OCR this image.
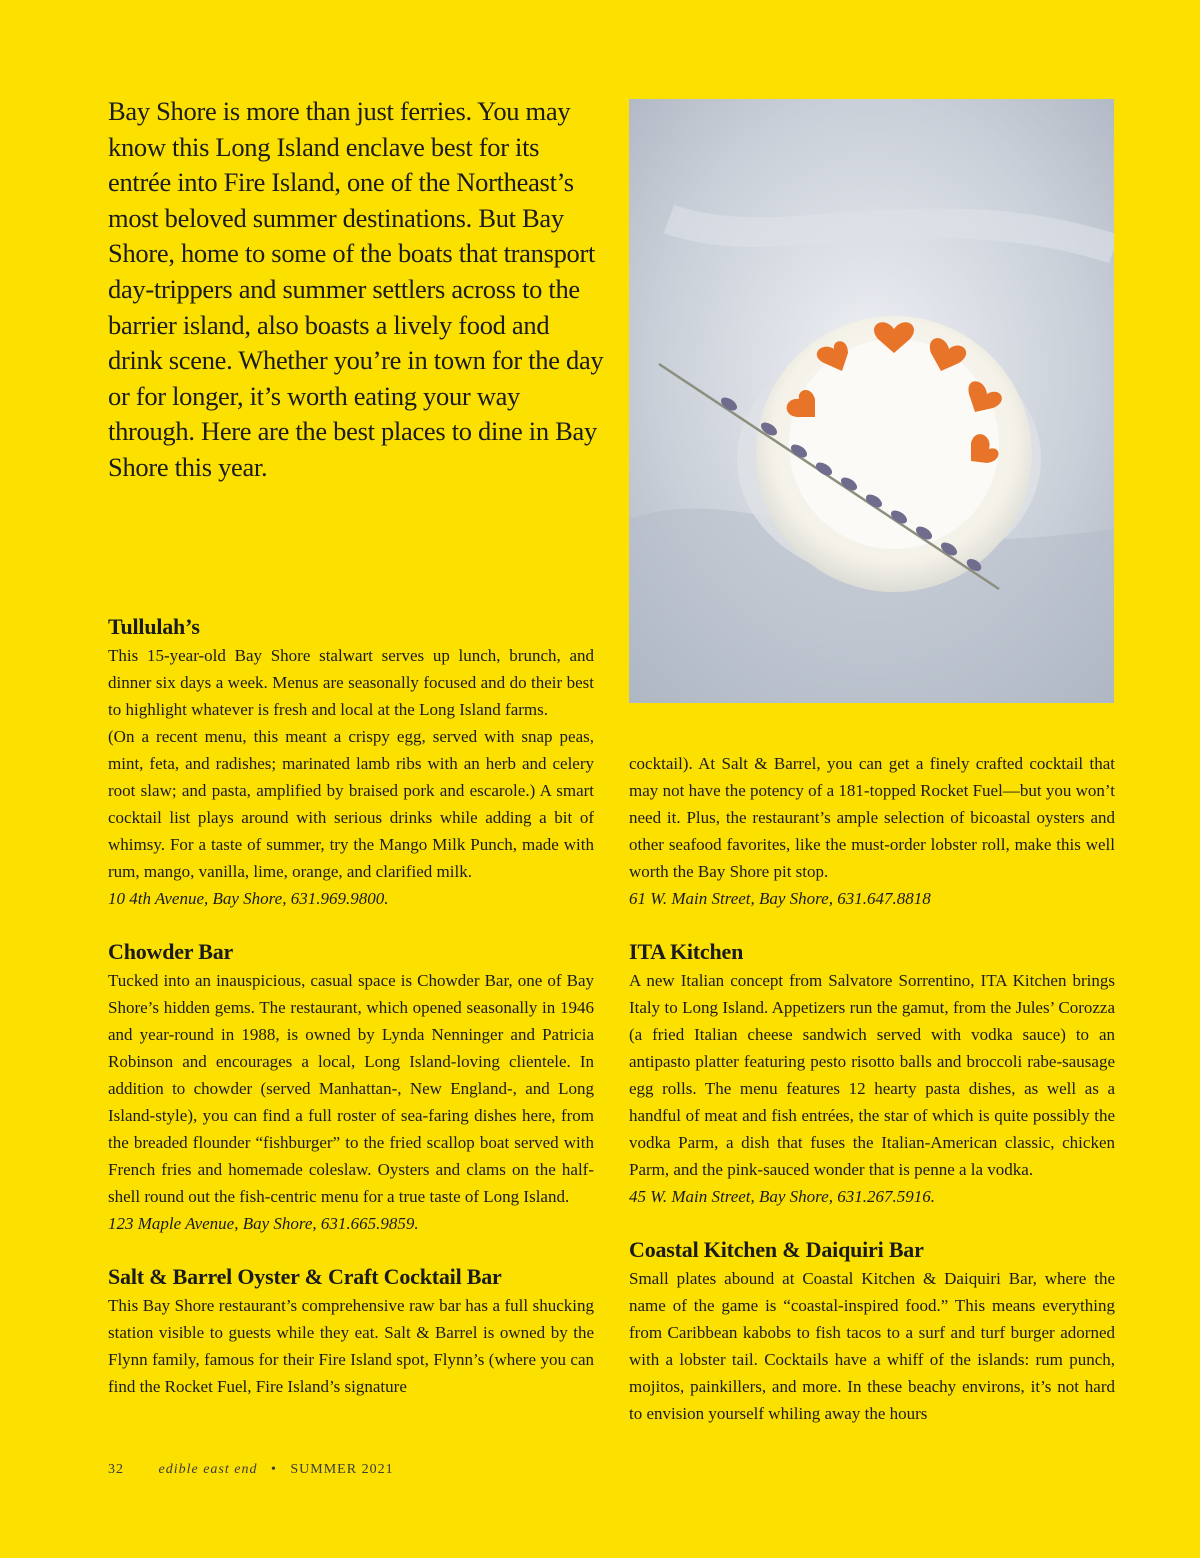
Bay Shore is more than just ferries. You may know this Long Island enclave best for its entrée into Fire Island, one of the Northeast’s most beloved summer destinations. But Bay Shore, home to some of the boats that transport day-trippers and summer settlers across to the barrier island, also boasts a lively food and drink scene. Whether you’re in town for the day or for longer, it’s worth eating your way through. Here are the best places to dine in Bay Shore this year.

Tullulah’s

This 15-year-old Bay Shore stalwart serves up lunch, brunch, and dinner six days a week. Menus are seasonally focused and do their best to highlight whatever is fresh and local at the Long Island farms.

(On a recent menu, this meant a crispy egg, served with snap peas, mint, feta, and radishes; marinated lamb ribs with an herb and celery root slaw; and pasta, amplified by braised pork and escarole.) A smart cocktail list plays around with serious drinks while adding a bit of whimsy. For a taste of summer, try the Mango Milk Punch, made with rum, mango, vanilla, lime, orange, and clarified milk.

10 4th Avenue, Bay Shore, 631.969.9800.

Chowder Bar

Tucked into an inauspicious, casual space is Chowder Bar, one of Bay Shore’s hidden gems. The restaurant, which opened seasonally in 1946 and year-round in 1988, is owned by Lynda Nenninger and Patricia Robinson and encourages a local, Long Island-loving clientele. In addition to chowder (served Manhattan-, New England-, and Long Island-style), you can find a full roster of sea-faring dishes here, from the breaded flounder “fishburger” to the fried scallop boat served with French fries and homemade coleslaw. Oysters and clams on the half-shell round out the fish-centric menu for a true taste of Long Island.

123 Maple Avenue, Bay Shore, 631.665.9859.

Salt & Barrel Oyster & Craft Cocktail Bar

This Bay Shore restaurant’s comprehensive raw bar has a full shucking station visible to guests while they eat. Salt & Barrel is owned by the Flynn family, famous for their Fire Island spot, Flynn’s (where you can find the Rocket Fuel, Fire Island’s signature

cocktail). At Salt & Barrel, you can get a finely crafted cocktail that may not have the potency of a 181-topped Rocket Fuel—but you won’t need it. Plus, the restaurant’s ample selection of bicoastal oysters and other seafood favorites, like the must-order lobster roll, make this well worth the Bay Shore pit stop.

61 W. Main Street, Bay Shore, 631.647.8818

ITA Kitchen

A new Italian concept from Salvatore Sorrentino, ITA Kitchen brings Italy to Long Island. Appetizers run the gamut, from the Jules’ Corozza (a fried Italian cheese sandwich served with vodka sauce) to an antipasto platter featuring pesto risotto balls and broccoli rabe-sausage egg rolls. The menu features 12 hearty pasta dishes, as well as a handful of meat and fish entrées, the star of which is quite possibly the vodka Parm, a dish that fuses the Italian-American classic, chicken Parm, and the pink-sauced wonder that is penne a la vodka.

45 W. Main Street, Bay Shore, 631.267.5916.

Coastal Kitchen & Daiquiri Bar

Small plates abound at Coastal Kitchen & Daiquiri Bar, where the name of the game is “coastal-inspired food.” This means everything from Caribbean kabobs to fish tacos to a surf and turf burger adorned with a lobster tail. Cocktails have a whiff of the islands: rum punch, mojitos, painkillers, and more. In these beachy environs, it’s not hard to envision yourself whiling away the hours

32 edible east end • SUMMER 2021
